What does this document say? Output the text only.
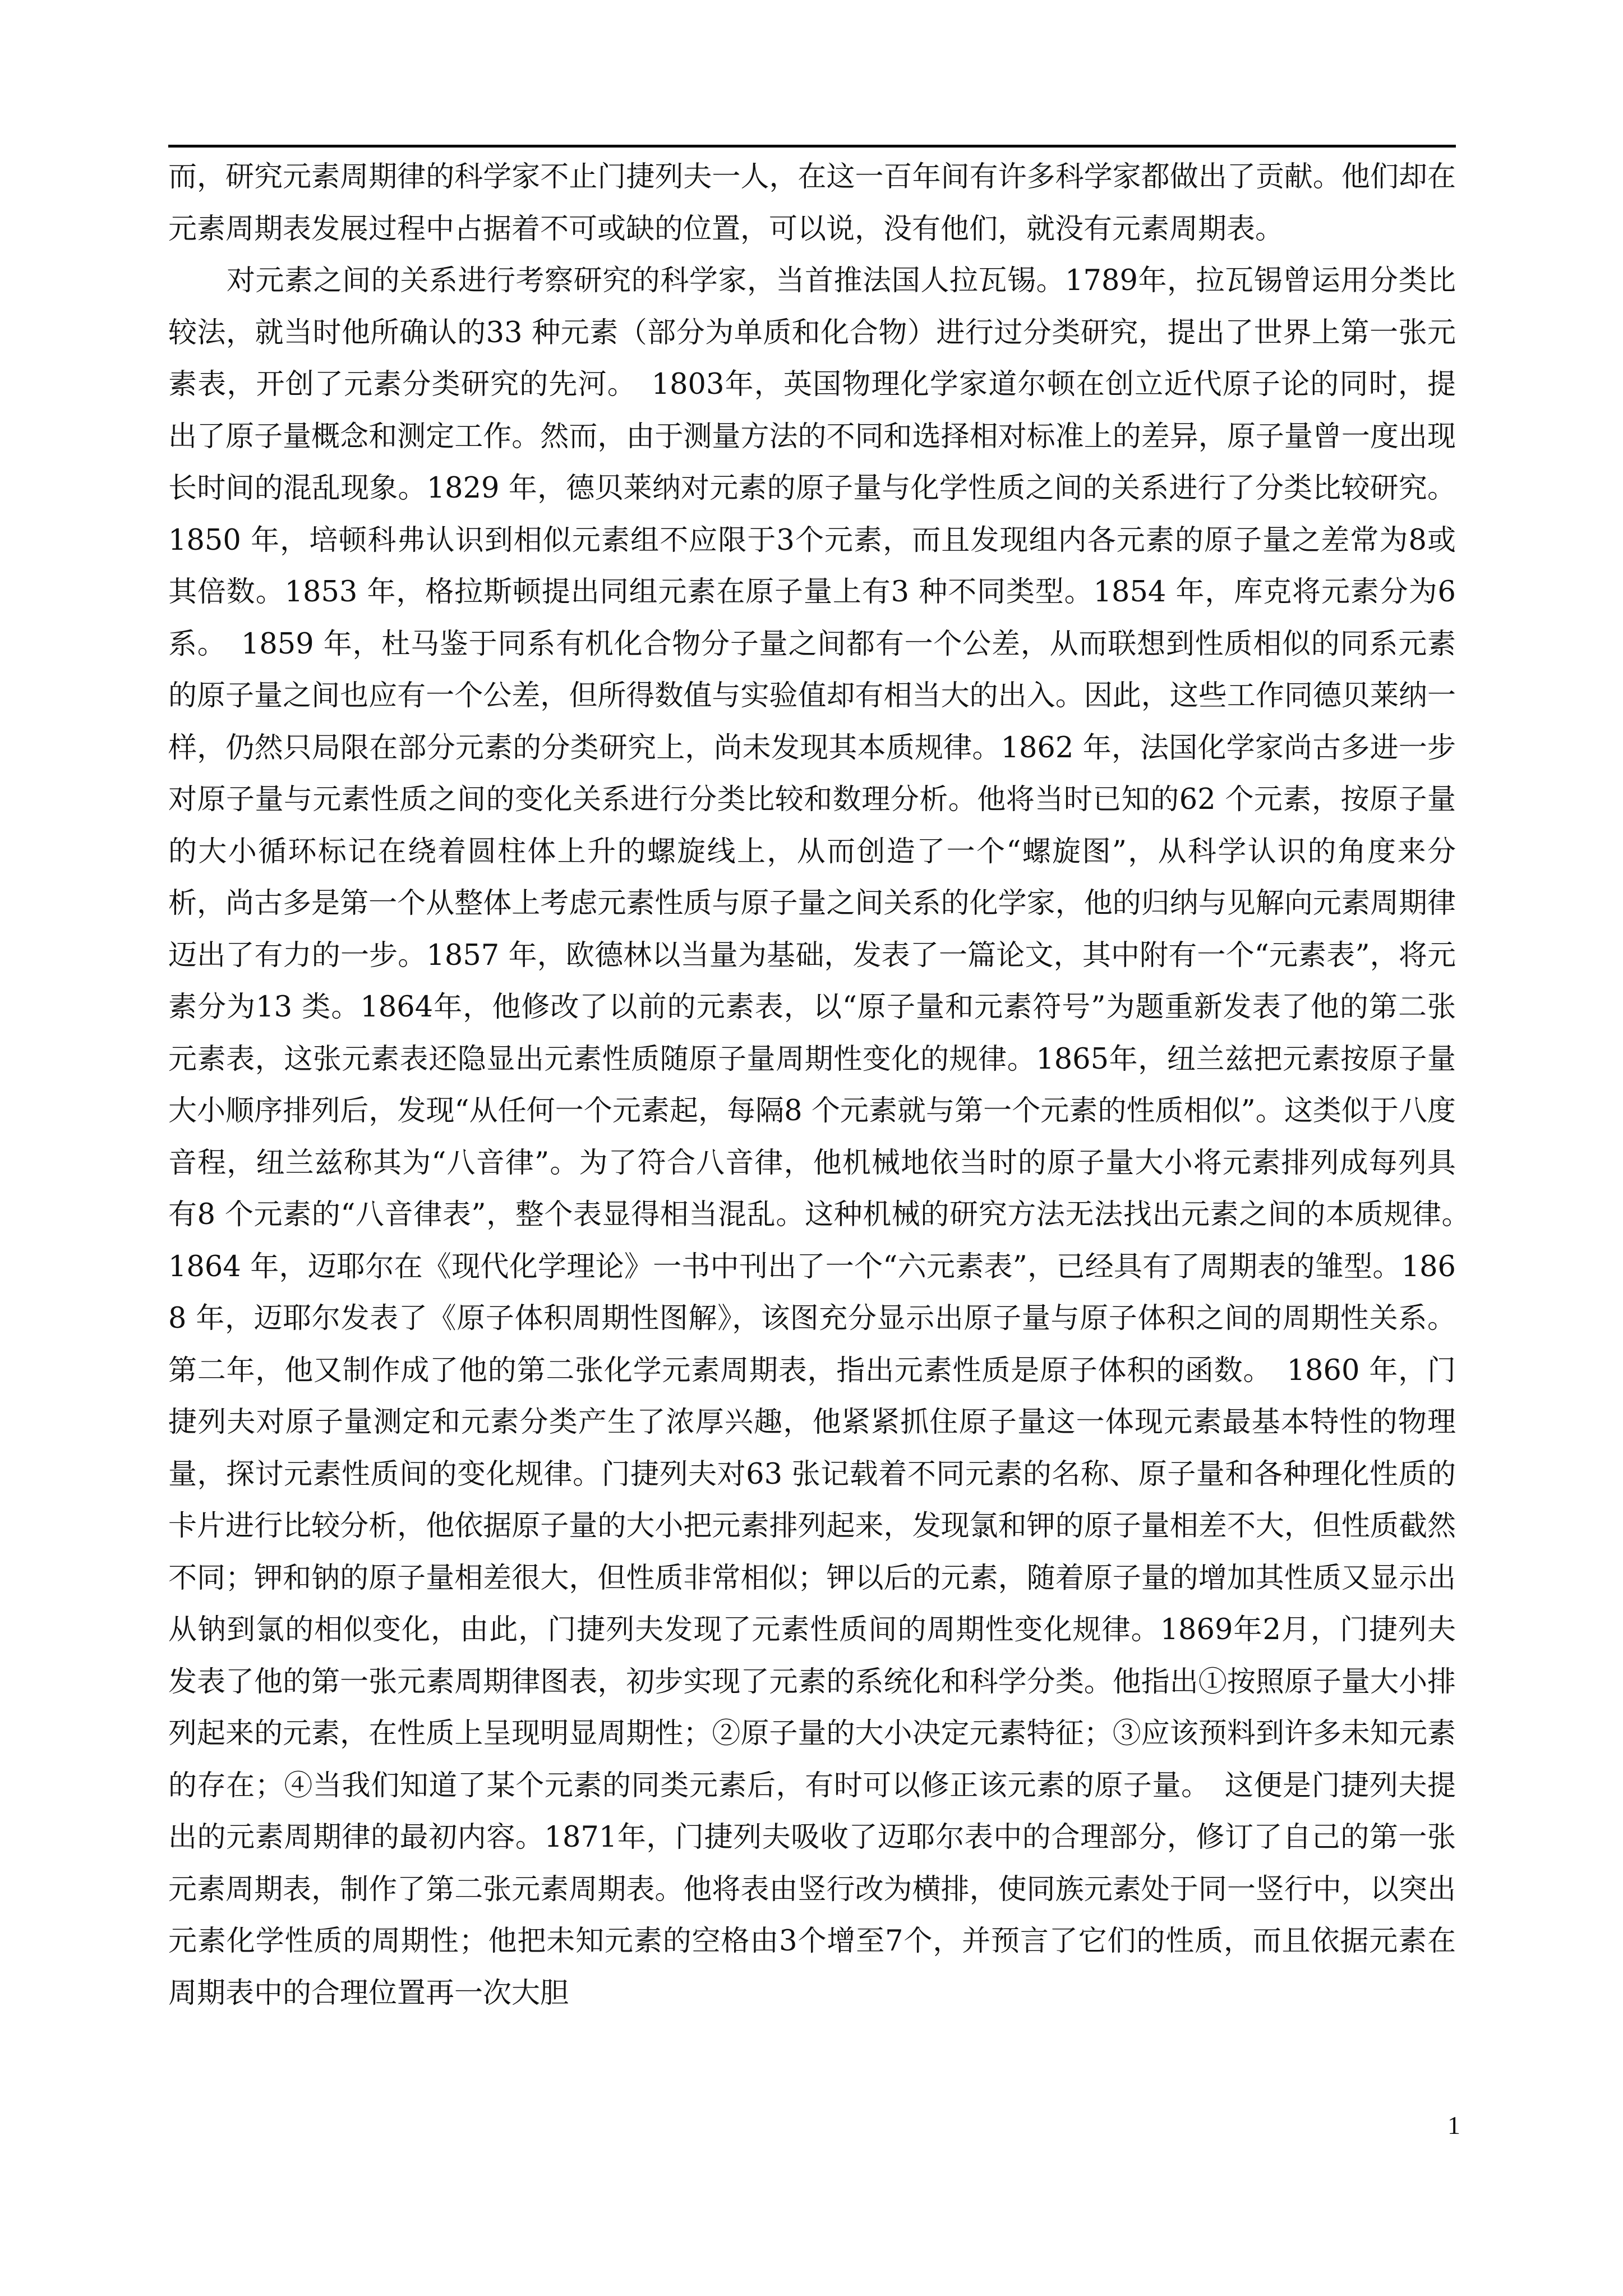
而，研究元素周期律的科学家不止门捷列夫一人，在这一百年间有许多科学家都做出了贡献。他们却在元素周期表发展过程中占据着不可或缺的位置，可以说，没有他们，就没有元素周期表。

对元素之间的关系进行考察研究的科学家，当首推法国人拉瓦锡。1789年，拉瓦锡曾运用分类比较法，就当时他所确认的33 种元素（部分为单质和化合物）进行过分类研究，提出了世界上第一张元素表，开创了元素分类研究的先河。　1803年，英国物理化学家道尔顿在创立近代原子论的同时，提出了原子量概念和测定工作。然而，由于测量方法的不同和选择相对标准上的差异，原子量曾一度出现长时间的混乱现象。1829 年，德贝莱纳对元素的原子量与化学性质之间的关系进行了分类比较研究。1850 年，培顿科弗认识到相似元素组不应限于3个元素，而且发现组内各元素的原子量之差常为8或其倍数。1853 年，格拉斯顿提出同组元素在原子量上有3 种不同类型。1854 年，库克将元素分为6 系。　1859 年，杜马鉴于同系有机化合物分子量之间都有一个公差，从而联想到性质相似的同系元素的原子量之间也应有一个公差，但所得数值与实验值却有相当大的出入。因此，这些工作同德贝莱纳一样，仍然只局限在部分元素的分类研究上，尚未发现其本质规律。1862 年，法国化学家尚古多进一步对原子量与元素性质之间的变化关系进行分类比较和数理分析。他将当时已知的62 个元素，按原子量的大小循环标记在绕着圆柱体上升的螺旋线上，从而创造了一个“螺旋图”，从科学认识的角度来分析，尚古多是第一个从整体上考虑元素性质与原子量之间关系的化学家，他的归纳与见解向元素周期律迈出了有力的一步。1857 年，欧德林以当量为基础，发表了一篇论文，其中附有一个“元素表”，将元素分为13 类。1864年，他修改了以前的元素表，以“原子量和元素符号”为题重新发表了他的第二张元素表，这张元素表还隐显出元素性质随原子量周期性变化的规律。1865年，纽兰兹把元素按原子量大小顺序排列后，发现“从任何一个元素起，每隔8 个元素就与第一个元素的性质相似”。这类似于八度音程，纽兰兹称其为“八音律”。为了符合八音律，他机械地依当时的原子量大小将元素排列成每列具有8 个元素的“八音律表”，整个表显得相当混乱。这种机械的研究方法无法找出元素之间的本质规律。　1864 年，迈耶尔在《现代化学理论》一书中刊出了一个“六元素表”，已经具有了周期表的雏型。1868 年，迈耶尔发表了《原子体积周期性图解》，该图充分显示出原子量与原子体积之间的周期性关系。第二年，他又制作成了他的第二张化学元素周期表，指出元素性质是原子体积的函数。　1860 年，门捷列夫对原子量测定和元素分类产生了浓厚兴趣，他紧紧抓住原子量这一体现元素最基本特性的物理量，探讨元素性质间的变化规律。门捷列夫对63 张记载着不同元素的名称、原子量和各种理化性质的卡片进行比较分析，他依据原子量的大小把元素排列起来，发现氯和钾的原子量相差不大，但性质截然不同；钾和钠的原子量相差很大，但性质非常相似；钾以后的元素，随着原子量的增加其性质又显示出从钠到氯的相似变化，由此，门捷列夫发现了元素性质间的周期性变化规律。1869年2月，门捷列夫发表了他的第一张元素周期律图表，初步实现了元素的系统化和科学分类。他指出①按照原子量大小排列起来的元素，在性质上呈现明显周期性；②原子量的大小决定元素特征；③应该预料到许多未知元素的存在；④当我们知道了某个元素的同类元素后，有时可以修正该元素的原子量。　这便是门捷列夫提出的元素周期律的最初内容。1871年，门捷列夫吸收了迈耶尔表中的合理部分，修订了自己的第一张元素周期表，制作了第二张元素周期表。他将表由竖行改为横排，使同族元素处于同一竖行中，以突出元素化学性质的周期性；他把未知元素的空格由3个增至7个，并预言了它们的性质，而且依据元素在周期表中的合理位置再一次大胆

1
